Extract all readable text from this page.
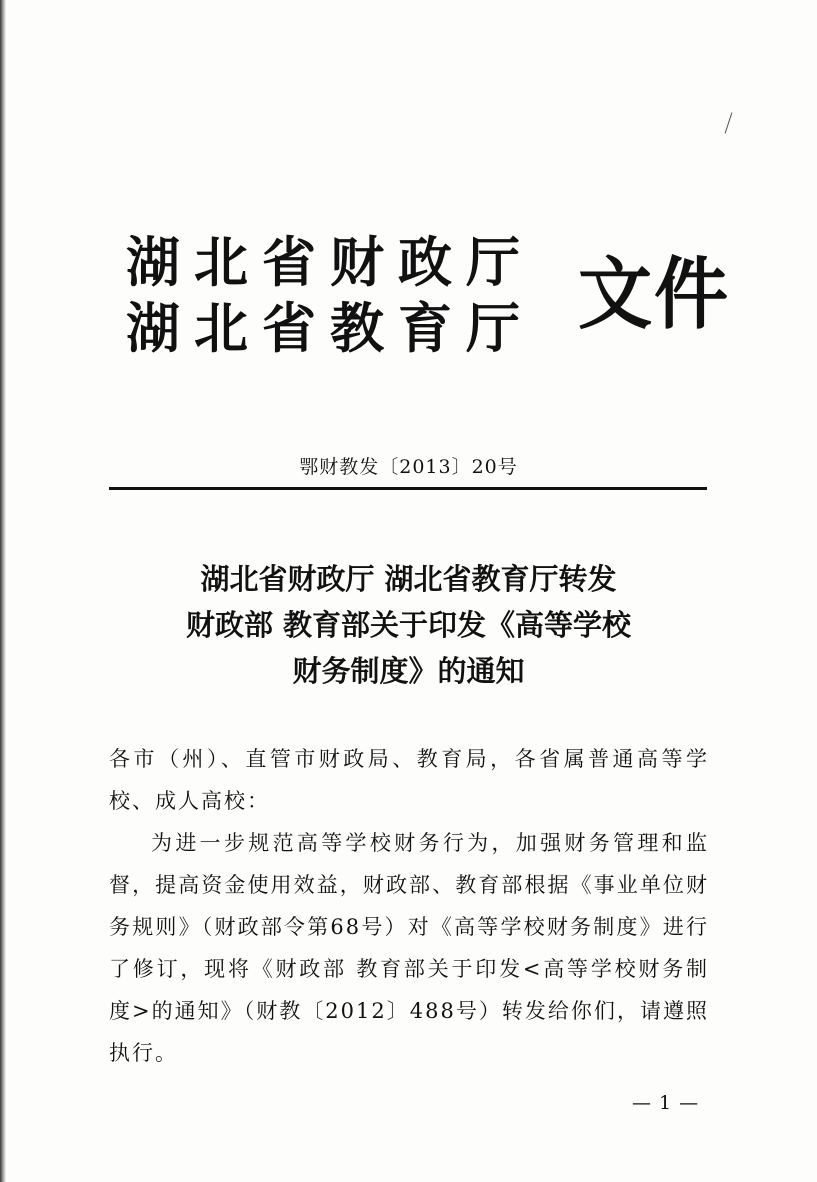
湖北省财政厅
湖北省教育厅 文件
鄂财教发〔2013〕20号
湖北省财政厅 湖北省教育厅转发
财政部 教育部关于印发《高等学校
财务制度》的通知

各市（州）、直管市财政局、教育局，各省属普通高等学校、成人高校：

为进一步规范高等学校财务行为，加强财务管理和监督，提高资金使用效益，财政部、教育部根据《事业单位财务规则》（财政部令第68号）对《高等学校财务制度》进行了修订，现将《财政部 教育部关于印发<高等学校财务制度>的通知》（财教〔2012〕488号）转发给你们，请遵照执行。

— 1 —
